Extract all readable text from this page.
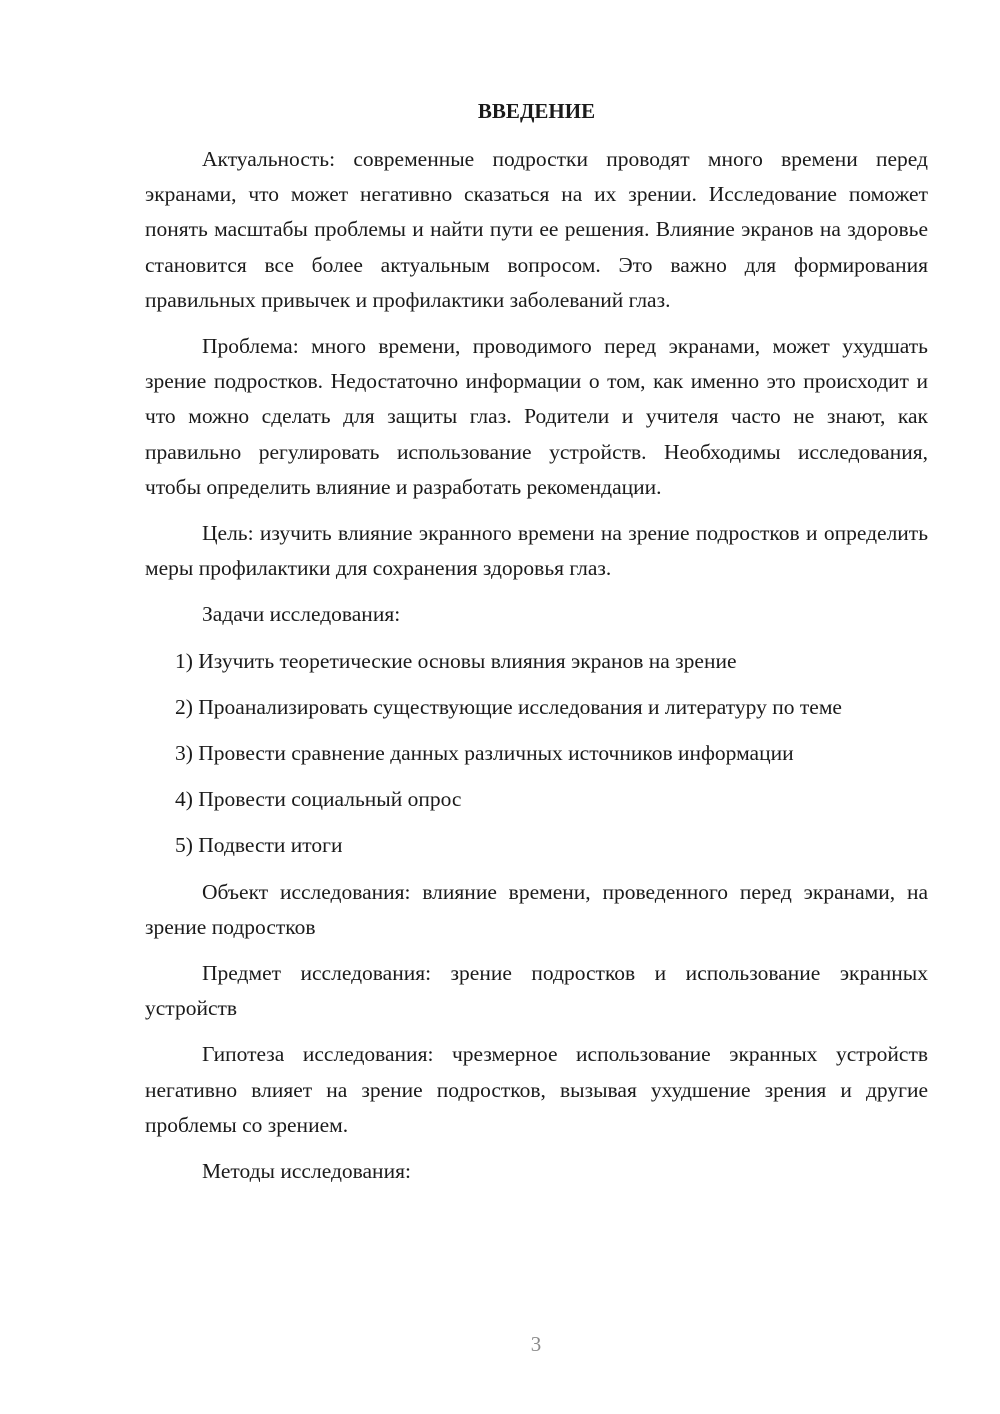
ВВЕДЕНИЕ

Актуальность: современные подростки проводят много времени перед экранами, что может негативно сказаться на их зрении. Исследование поможет понять масштабы проблемы и найти пути ее решения. Влияние экранов на здоровье становится все более актуальным вопросом. Это важно для формирования правильных привычек и профилактики заболеваний глаз.

Проблема: много времени, проводимого перед экранами, может ухудшать зрение подростков. Недостаточно информации о том, как именно это происходит и что можно сделать для защиты глаз. Родители и учителя часто не знают, как правильно регулировать использование устройств. Необходимы исследования, чтобы определить влияние и разработать рекомендации.

Цель: изучить влияние экранного времени на зрение подростков и определить меры профилактики для сохранения здоровья глаз.

Задачи исследования:

1) Изучить теоретические основы влияния экранов на зрение

2) Проанализировать существующие исследования и литературу по теме

3) Провести сравнение данных различных источников информации

4) Провести социальный опрос

5) Подвести итоги

Объект исследования: влияние времени, проведенного перед экранами, на зрение подростков

Предмет исследования: зрение подростков и использование экранных устройств

Гипотеза исследования: чрезмерное использование экранных устройств негативно влияет на зрение подростков, вызывая ухудшение зрения и другие проблемы со зрением.

Методы исследования:

3
